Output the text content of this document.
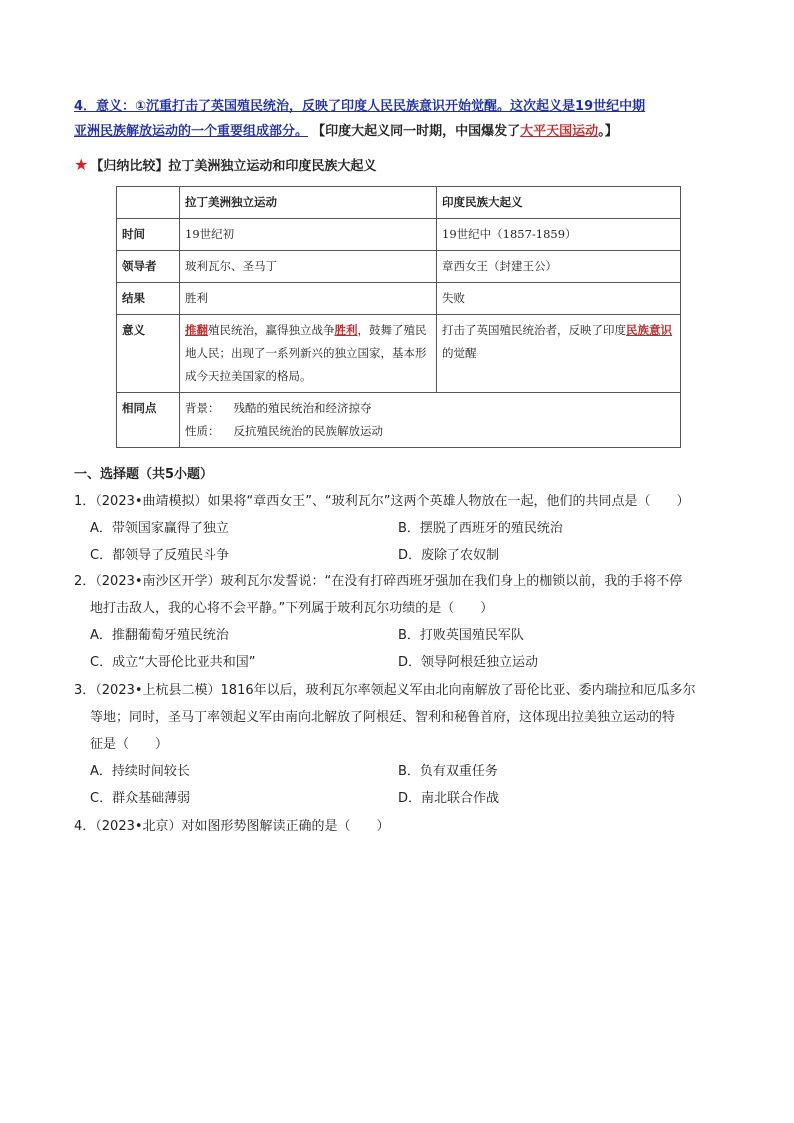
4．意义：①沉重打击了英国殖民统治，反映了印度人民民族意识开始觉醒。这次起义是19世纪中期
亚洲民族解放运动的一个重要组成部分。 【印度大起义同一时期，中国爆发了大平天国运动。】
★ 【归纳比较】拉丁美洲独立运动和印度民族大起义
	拉丁美洲独立运动	印度民族大起义
时间	19世纪初	19世纪中（1857-1859）
领导者	玻利瓦尔、圣马丁	章西女王（封建王公）
结果	胜利	失败
意义	推翻殖民统治，赢得独立战争胜利，鼓舞了殖民地人民；出现了一系列新兴的独立国家，基本形成今天拉美国家的格局。	打击了英国殖民统治者，反映了印度民族意识的觉醒
相同点	背景： 残酷的殖民统治和经济掠夺
性质： 反抗殖民统治的民族解放运动	
一、选择题（共5小题）
1．（2023•曲靖模拟）如果将“章西女王”、“玻利瓦尔”这两个英雄人物放在一起，他们的共同点是（　　）
A．带领国家赢得了独立	B．摆脱了西班牙的殖民统治
C．都领导了反殖民斗争	D．废除了农奴制
2．（2023•南沙区开学）玻利瓦尔发誓说：“在没有打碎西班牙强加在我们身上的枷锁以前，我的手将不停
地打击敌人，我的心将不会平静。”下列属于玻利瓦尔功绩的是（　　）
A．推翻葡萄牙殖民统治	B．打败英国殖民军队
C．成立“大哥伦比亚共和国”	D．领导阿根廷独立运动
3．（2023•上杭县二模）1816年以后，玻利瓦尔率领起义军由北向南解放了哥伦比亚、委内瑞拉和厄瓜多尔
等地；同时，圣马丁率领起义军由南向北解放了阿根廷、智利和秘鲁首府，这体现出拉美独立运动的特
征是（　　）
A．持续时间较长	B．负有双重任务
C．群众基础薄弱	D．南北联合作战
4．（2023•北京）对如图形势图解读正确的是（　　）
